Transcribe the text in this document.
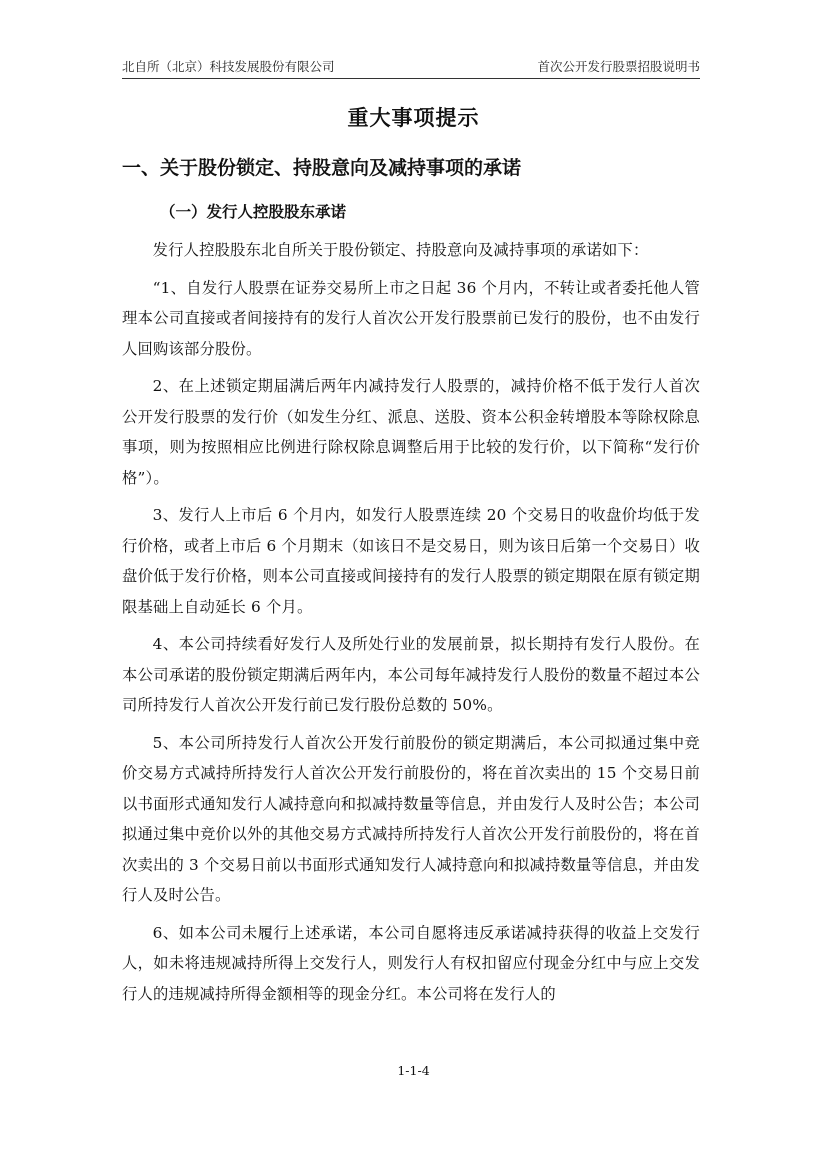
北自所（北京）科技发展股份有限公司	首次公开发行股票招股说明书
重大事项提示
一、关于股份锁定、持股意向及减持事项的承诺
（一）发行人控股股东承诺

发行人控股股东北自所关于股份锁定、持股意向及减持事项的承诺如下：

“1、自发行人股票在证券交易所上市之日起 36 个月内，不转让或者委托他人管理本公司直接或者间接持有的发行人首次公开发行股票前已发行的股份，也不由发行人回购该部分股份。

2、在上述锁定期届满后两年内减持发行人股票的，减持价格不低于发行人首次公开发行股票的发行价（如发生分红、派息、送股、资本公积金转增股本等除权除息事项，则为按照相应比例进行除权除息调整后用于比较的发行价，以下简称“发行价格”）。

3、发行人上市后 6 个月内，如发行人股票连续 20 个交易日的收盘价均低于发行价格，或者上市后 6 个月期末（如该日不是交易日，则为该日后第一个交易日）收盘价低于发行价格，则本公司直接或间接持有的发行人股票的锁定期限在原有锁定期限基础上自动延长 6 个月。

4、本公司持续看好发行人及所处行业的发展前景，拟长期持有发行人股份。在本公司承诺的股份锁定期满后两年内，本公司每年减持发行人股份的数量不超过本公司所持发行人首次公开发行前已发行股份总数的 50%。

5、本公司所持发行人首次公开发行前股份的锁定期满后，本公司拟通过集中竞价交易方式减持所持发行人首次公开发行前股份的，将在首次卖出的 15 个交易日前以书面形式通知发行人减持意向和拟减持数量等信息，并由发行人及时公告；本公司拟通过集中竞价以外的其他交易方式减持所持发行人首次公开发行前股份的，将在首次卖出的 3 个交易日前以书面形式通知发行人减持意向和拟减持数量等信息，并由发行人及时公告。

6、如本公司未履行上述承诺，本公司自愿将违反承诺减持获得的收益上交发行人，如未将违规减持所得上交发行人，则发行人有权扣留应付现金分红中与应上交发行人的违规减持所得金额相等的现金分红。本公司将在发行人的

1-1-4
